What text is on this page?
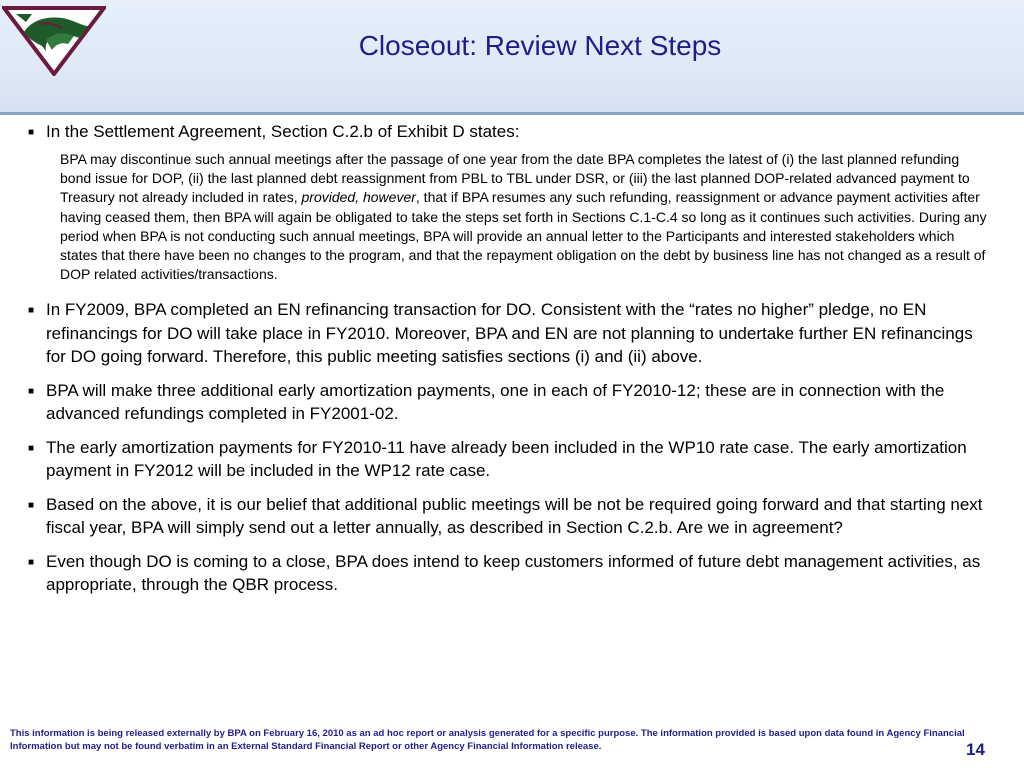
Closeout: Review Next Steps
■ In the Settlement Agreement, Section C.2.b of Exhibit D states:
BPA may discontinue such annual meetings after the passage of one year from the date BPA completes the latest of (i) the last planned refunding bond issue for DOP, (ii) the last planned debt reassignment from PBL to TBL under DSR, or (iii) the last planned DOP-related advanced payment to Treasury not already included in rates, provided, however, that if BPA resumes any such refunding, reassignment or advance payment activities after having ceased them, then BPA will again be obligated to take the steps set forth in Sections C.1-C.4 so long as it continues such activities. During any period when BPA is not conducting such annual meetings, BPA will provide an annual letter to the Participants and interested stakeholders which states that there have been no changes to the program, and that the repayment obligation on the debt by business line has not changed as a result of DOP related activities/transactions.
■ In FY2009, BPA completed an EN refinancing transaction for DO. Consistent with the “rates no higher” pledge, no EN refinancings for DO will take place in FY2010. Moreover, BPA and EN are not planning to undertake further EN refinancings for DO going forward. Therefore, this public meeting satisfies sections (i) and (ii) above.
■ BPA will make three additional early amortization payments, one in each of FY2010-12; these are in connection with the advanced refundings completed in FY2001-02.
■ The early amortization payments for FY2010-11 have already been included in the WP10 rate case. The early amortization payment in FY2012 will be included in the WP12 rate case.
■ Based on the above, it is our belief that additional public meetings will be not be required going forward and that starting next fiscal year, BPA will simply send out a letter annually, as described in Section C.2.b. Are we in agreement?
■ Even though DO is coming to a close, BPA does intend to keep customers informed of future debt management activities, as appropriate, through the QBR process.
This information is being released externally by BPA on February 16, 2010 as an ad hoc report or analysis generated for a specific purpose. The information provided is based upon data found in Agency Financial Information but may not be found verbatim in an External Standard Financial Report or other Agency Financial Information release.	14
